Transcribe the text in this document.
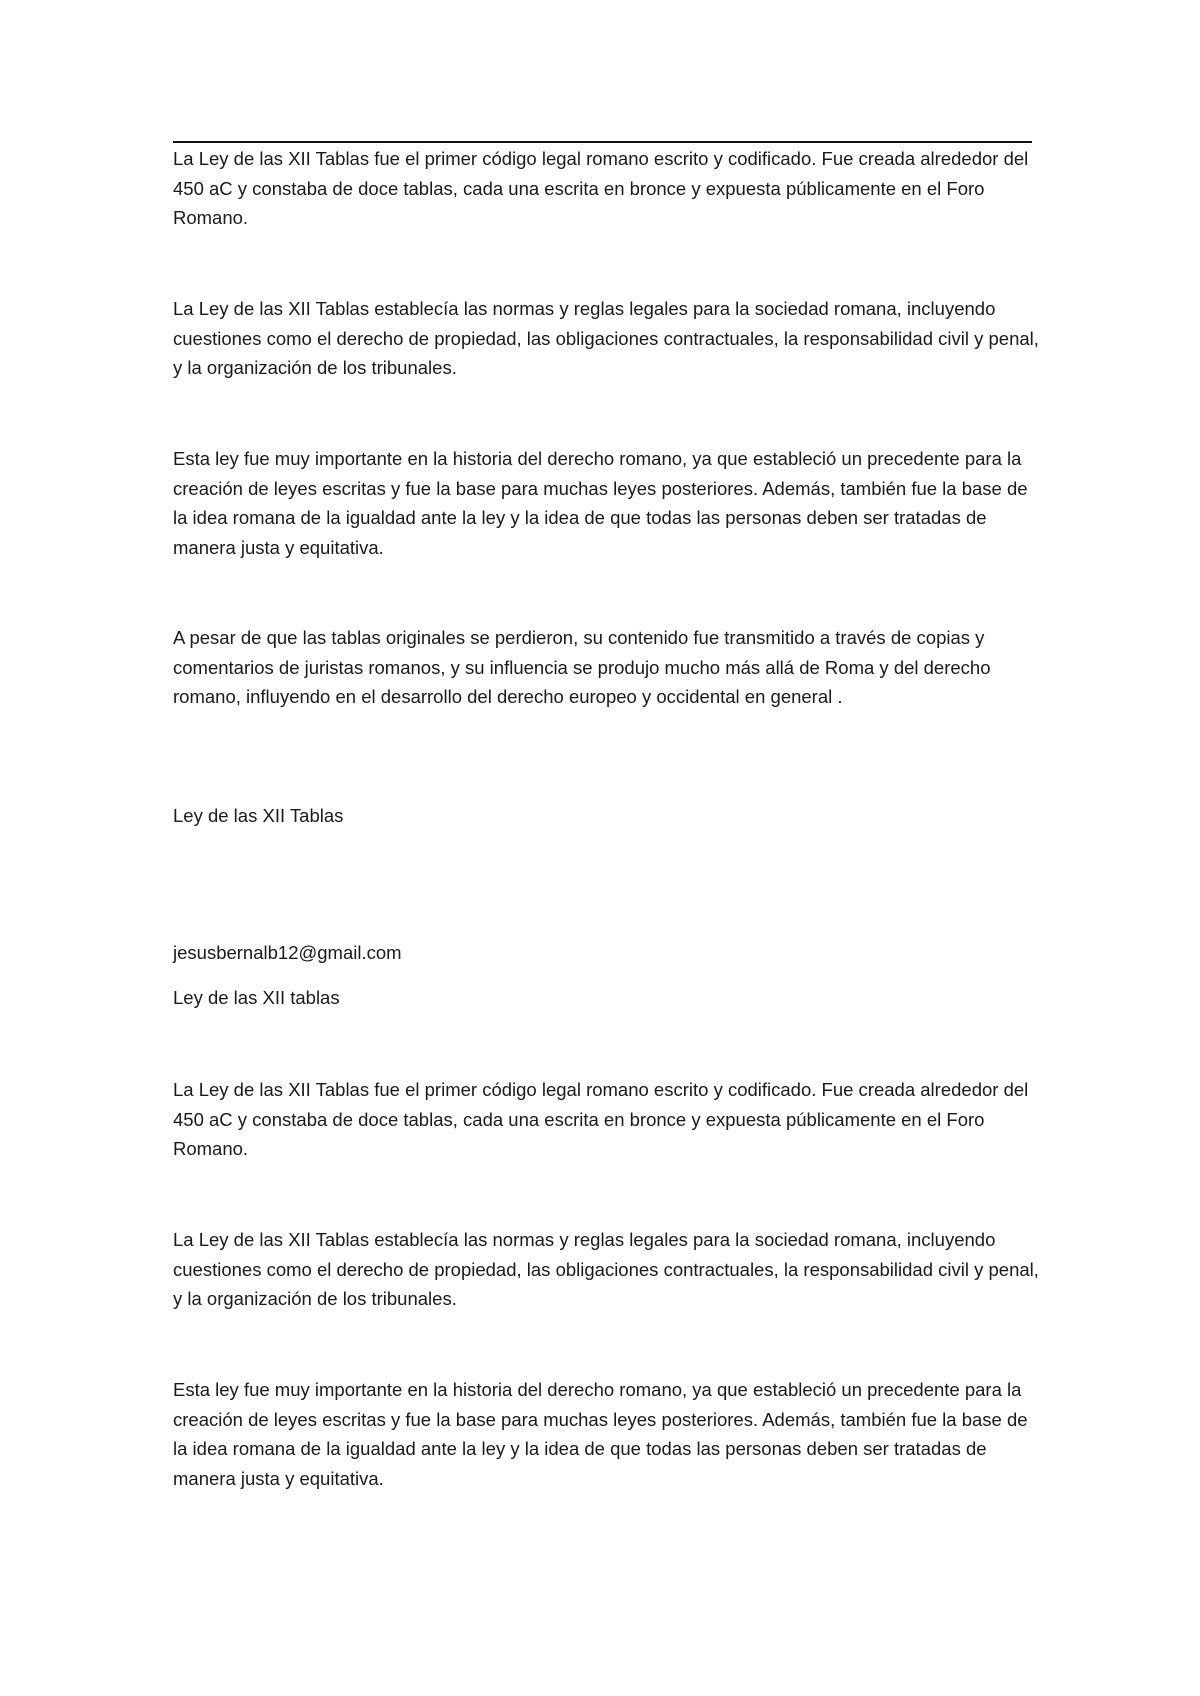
La Ley de las XII Tablas fue el primer código legal romano escrito y codificado. Fue creada alrededor del 450 aC y constaba de doce tablas, cada una escrita en bronce y expuesta públicamente en el Foro Romano.

La Ley de las XII Tablas establecía las normas y reglas legales para la sociedad romana, incluyendo cuestiones como el derecho de propiedad, las obligaciones contractuales, la responsabilidad civil y penal, y la organización de los tribunales.

Esta ley fue muy importante en la historia del derecho romano, ya que estableció un precedente para la creación de leyes escritas y fue la base para muchas leyes posteriores. Además, también fue la base de la idea romana de la igualdad ante la ley y la idea de que todas las personas deben ser tratadas de manera justa y equitativa.

A pesar de que las tablas originales se perdieron, su contenido fue transmitido a través de copias y comentarios de juristas romanos, y su influencia se produjo mucho más allá de Roma y del derecho romano, influyendo en el desarrollo del derecho europeo y occidental en general .

Ley de las XII Tablas

jesusbernalb12@gmail.com

Ley de las XII tablas

La Ley de las XII Tablas fue el primer código legal romano escrito y codificado. Fue creada alrededor del 450 aC y constaba de doce tablas, cada una escrita en bronce y expuesta públicamente en el Foro Romano.

La Ley de las XII Tablas establecía las normas y reglas legales para la sociedad romana, incluyendo cuestiones como el derecho de propiedad, las obligaciones contractuales, la responsabilidad civil y penal, y la organización de los tribunales.

Esta ley fue muy importante en la historia del derecho romano, ya que estableció un precedente para la creación de leyes escritas y fue la base para muchas leyes posteriores. Además, también fue la base de la idea romana de la igualdad ante la ley y la idea de que todas las personas deben ser tratadas de manera justa y equitativa.
